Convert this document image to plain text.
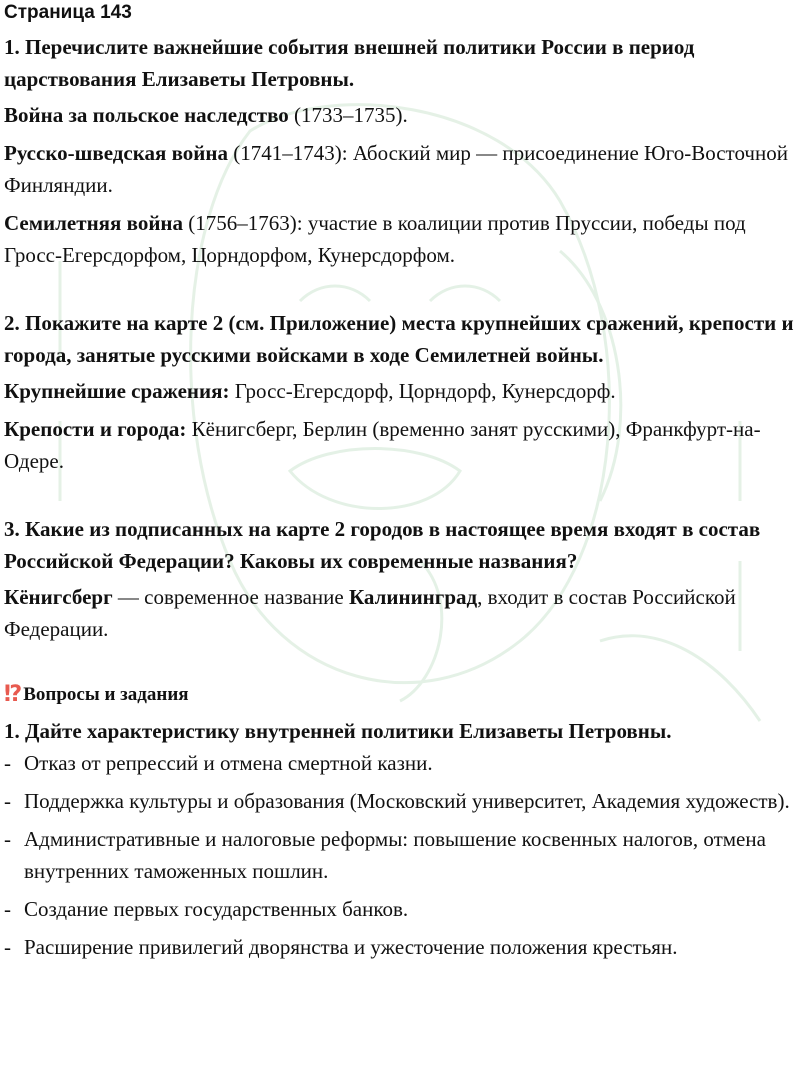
Страница 143

1. Перечислите важнейшие события внешней политики России в период царствования Елизаветы Петровны.

Война за польское наследство (1733–1735).

Русско-шведская война (1741–1743): Абоский мир — присоединение Юго-Восточной Финляндии.

Семилетняя война (1756–1763): участие в коалиции против Пруссии, победы под Гросс-Егерсдорфом, Цорндорфом, Кунерсдорфом.

2. Покажите на карте 2 (см. Приложение) места крупнейших сражений, крепости и города, занятые русскими войсками в ходе Семилетней войны.

Крупнейшие сражения: Гросс-Егерсдорф, Цорндорф, Кунерсдорф.

Крепости и города: Кёнигсберг, Берлин (временно занят русскими), Франкфурт-на-Одере.

3. Какие из подписанных на карте 2 городов в настоящее время входят в состав Российской Федерации? Каковы их современные названия?

Кёнигсберг — современное название Калининград, входит в состав Российской Федерации.

⁉ Вопросы и задания

1. Дайте характеристику внутренней политики Елизаветы Петровны.

- Отказ от репрессий и отмена смертной казни.
- Поддержка культуры и образования (Московский университет, Академия художеств).
- Административные и налоговые реформы: повышение косвенных налогов, отмена внутренних таможенных пошлин.
- Создание первых государственных банков.
- Расширение привилегий дворянства и ужесточение положения крестьян.
